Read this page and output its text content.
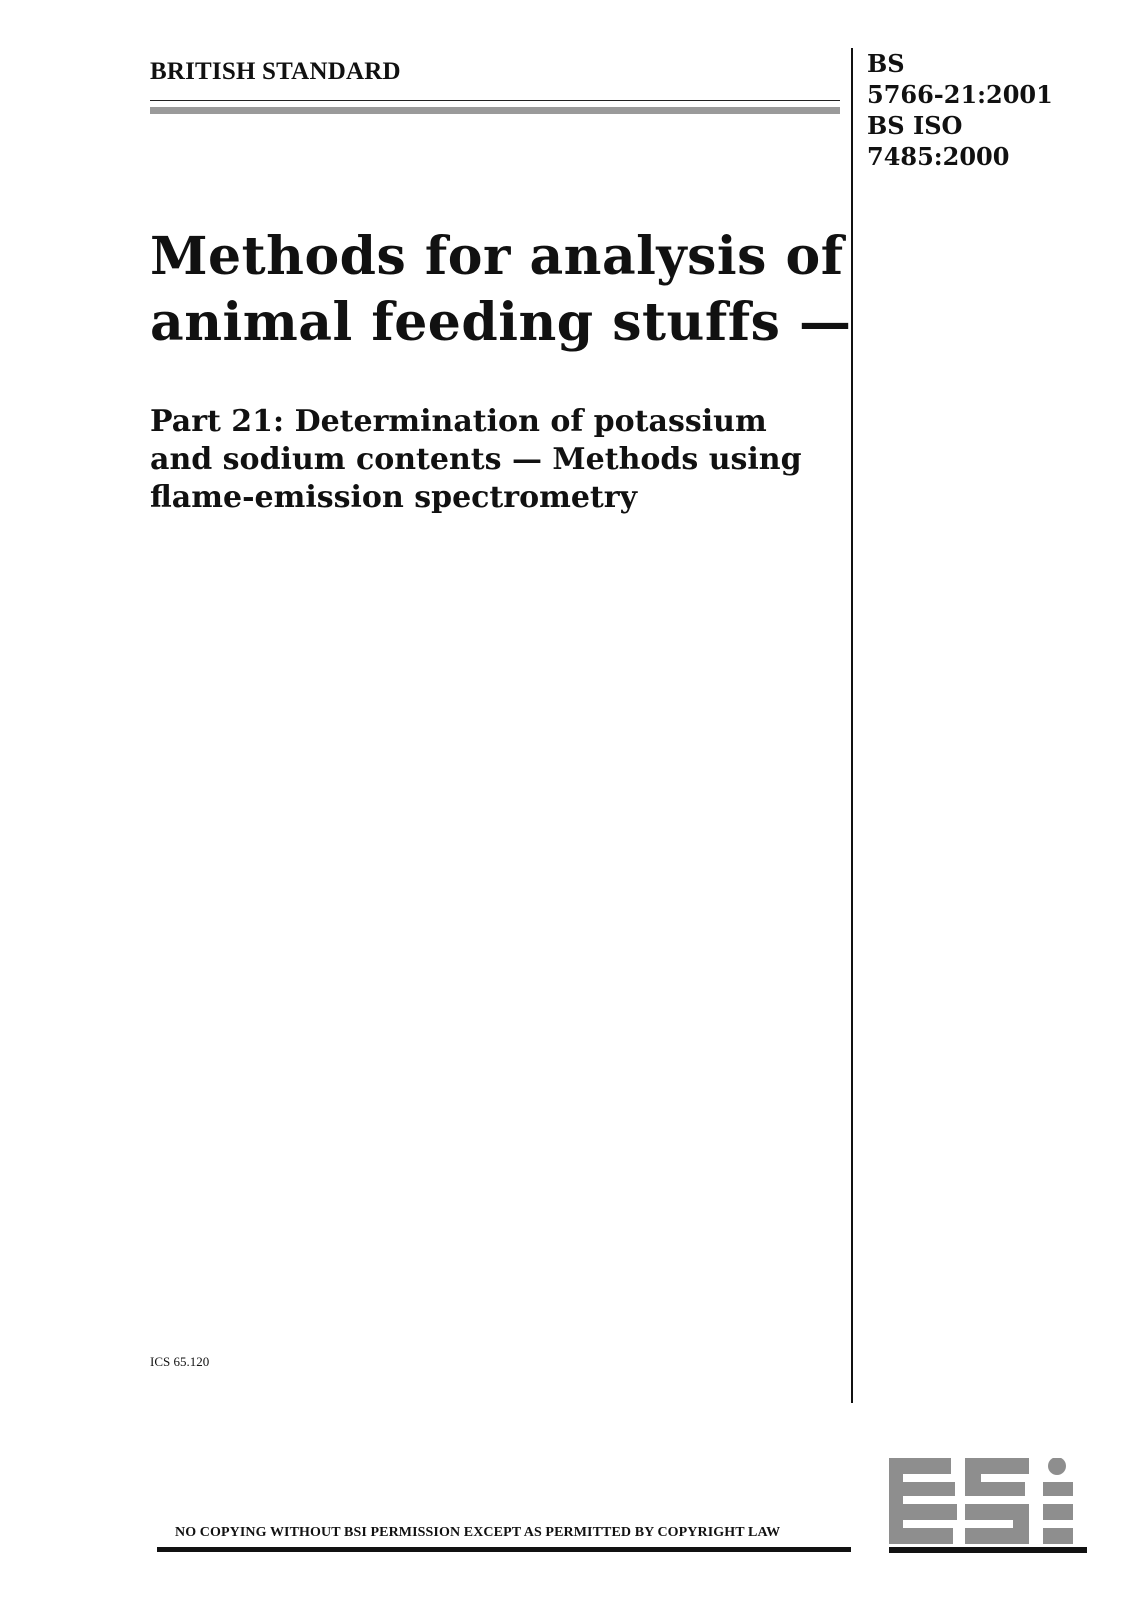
BRITISH STANDARD	BS
5766-21:2001
BS ISO
7485:2000
Methods for analysis of
animal feeding stuffs —
Part 21: Determination of potassium
and sodium contents — Methods using
flame-emission spectrometry
ICS 65.120
NO COPYING WITHOUT BSI PERMISSION EXCEPT AS PERMITTED BY COPYRIGHT LAW
